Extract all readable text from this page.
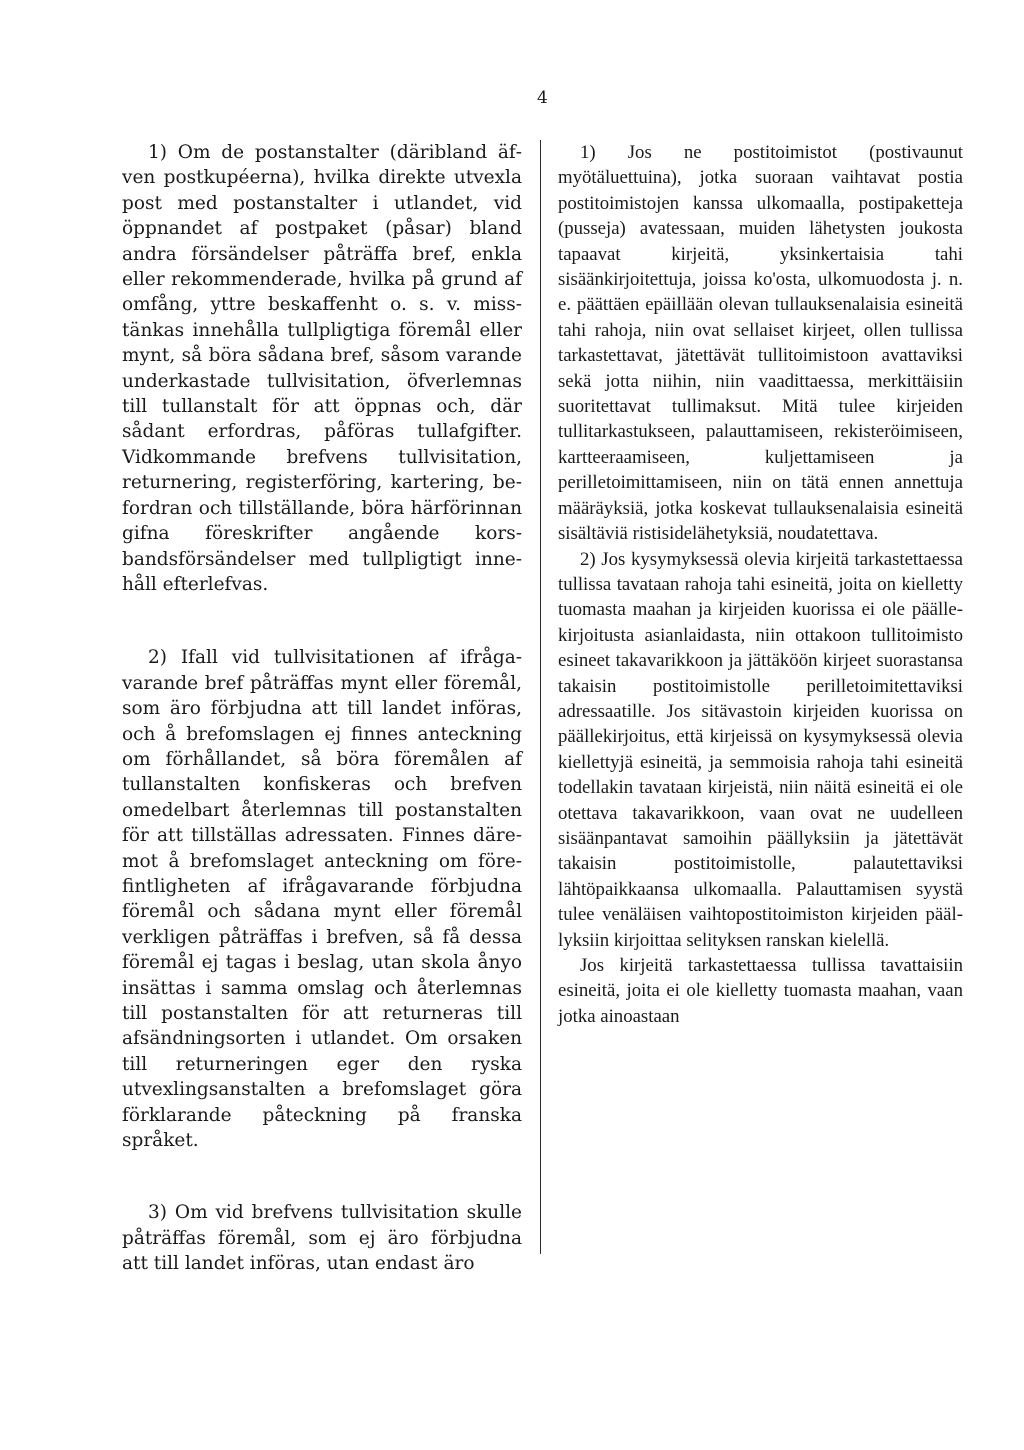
4

1) Om de postanstalter (däribland äfven postkupéerna), hvilka direkte utvexla post med postanstalter i utlandet, vid öppnandet af postpaket (påsar) bland andra försändelser påträffa bref, enkla eller rekommenderade, hvilka på grund af omfång, yttre beskaffenht o. s. v. misstänkas innehålla tullpligtiga föremål eller mynt, så böra sådana bref, såsom varande underkastade tullvisitation, öfverlemnas till tullanstalt för att öppnas och, där sådant erfordras, påföras tullafgifter. Vidkommande brefvens tullvisitation, returnering, registerföring, kartering, befordran och tillställande, böra härförinnan gifna föreskrifter angående korsbandsförsändelser med tullpligtigt innehåll efterlefvas.

2) Ifall vid tullvisitationen af ifrågavarande bref påträffas mynt eller föremål, som äro förbjudna att till landet införas, och å brefomslagen ej finnes anteckning om förhållandet, så böra föremålen af tullanstalten konfiskeras och brefven omedelbart återlemnas till postanstalten för att tillställas adressaten. Finnes däremot å brefomslaget anteckning om förefintligheten af ifrågavarande förbjudna föremål och sådana mynt eller föremål verkligen påträffas i brefven, så få dessa föremål ej tagas i beslag, utan skola ånyo insättas i samma omslag och återlemnas till postanstalten för att returneras till afsändningsorten i utlandet. Om orsaken till returneringen eger den ryska utvexlingsanstalten a brefomslaget göra förklarande påteckning på franska språket.

3) Om vid brefvens tullvisitation skulle påträffas föremål, som ej äro förbjudna att till landet införas, utan endast äro

1) Jos ne postitoimistot (postivaunut myötäluettuina), jotka suoraan vaihtavat postia postitoimistojen kanssa ulkomaalla, postipaketteja (pusseja) avatessaan, muiden lähetysten joukosta tapaavat kirjeitä, yksinkertaisia tahi sisäänkirjoitettuja, joissa ko'osta, ulkomuodosta j. n. e. päättäen epäillään olevan tullauksenalaisia esineitä tahi rahoja, niin ovat sellaiset kirjeet, ollen tullissa tarkastettavat, jätettävät tullitoimistoon avattaviksi sekä jotta niihin, niin vaadittaessa, merkittäisiin suoritettavat tullimaksut. Mitä tulee kirjeiden tullitarkastukseen, palauttamiseen, rekisteröimiseen, kartteeraamiseen, kuljettamiseen ja perilletoimittamiseen, niin on tätä ennen annettuja määräyksiä, jotka koskevat tullauksenalaisia esineitä sisältäviä ristisidelähetyksiä, noudatettava.

2) Jos kysymyksessä olevia kirjeitä tarkastettaessa tullissa tavataan rahoja tahi esineitä, joita on kielletty tuomasta maahan ja kirjeiden kuorissa ei ole päällekirjoitusta asianlaidasta, niin ottakoon tullitoimisto esineet takavarikkoon ja jättäköön kirjeet suorastansa takaisin postitoimistolle perilletoimitettaviksi adressaatille. Jos sitävastoin kirjeiden kuorissa on päällekirjoitus, että kirjeissä on kysymyksessä olevia kiellettyjä esineitä, ja semmoisia rahoja tahi esineitä todellakin tavataan kirjeistä, niin näitä esineitä ei ole otettava takavarikkoon, vaan ovat ne uudelleen sisäänpantavat samoihin päällyksiin ja jätettävät takaisin postitoimistolle, palautettaviksi lähtöpaikkaansa ulkomaalla. Palauttamisen syystä tulee venäläisen vaihtopostitoimiston kirjeiden päällyksiin kirjoittaa selityksen ranskan kielellä.

Jos kirjeitä tarkastettaessa tullissa tavattaisiin esineitä, joita ei ole kielletty tuomasta maahan, vaan jotka ainoastaan
